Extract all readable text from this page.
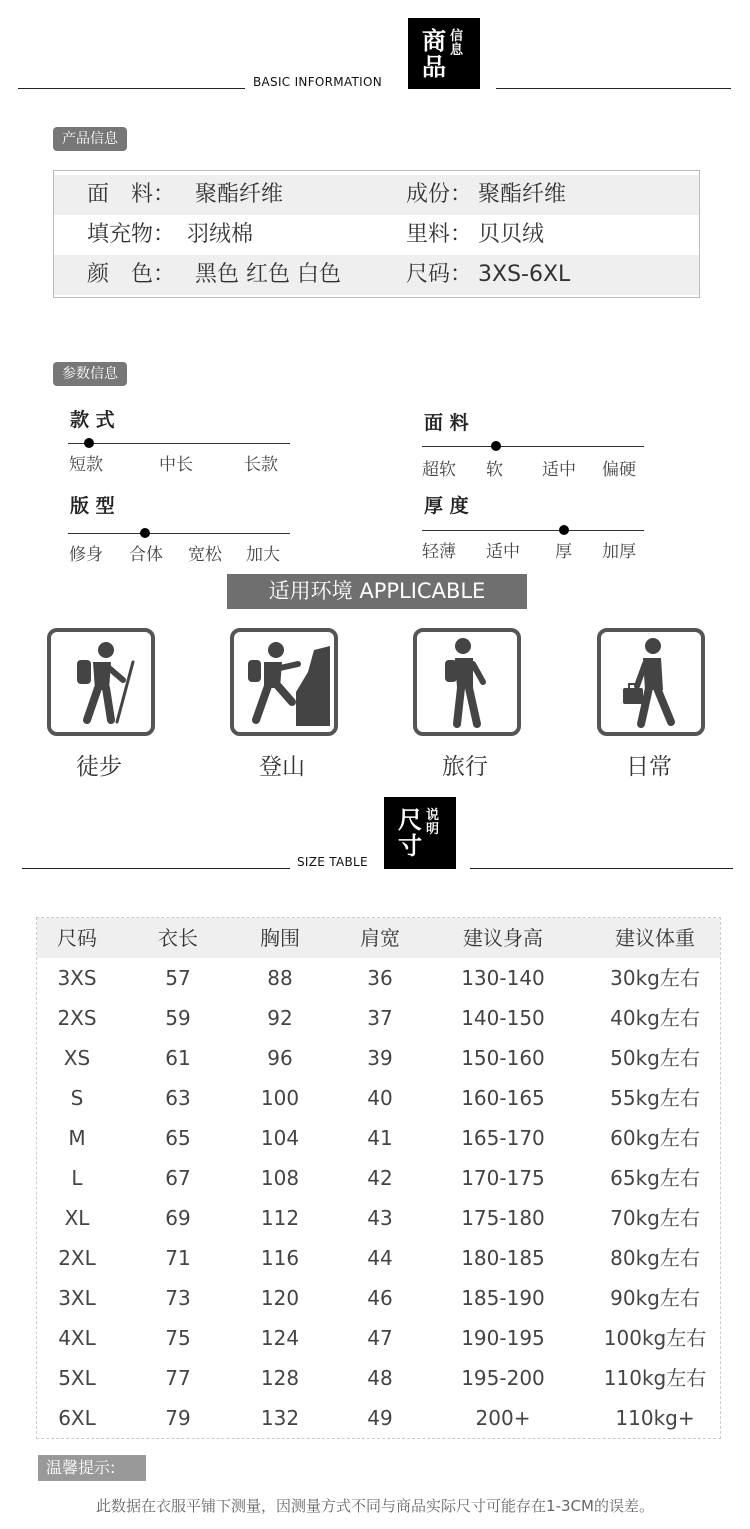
BASIC INFORMATION
商品
信息
产品信息
面　料： 聚酯纤维	成份： 聚酯纤维
填充物： 羽绒棉	里料： 贝贝绒
颜　色： 黑色 红色 白色	尺码： 3XS-6XL
参数信息
款 式
短款	中长	长款
面 料
超软 软 适中 偏硬
版 型
修身 合体 宽松 加大
厚 度
轻薄 适中 厚 加厚
适用环境 APPLICABLE
徒步	登山	旅行	日常
SIZE TABLE
尺寸
说明
尺码	衣长	胸围	肩宽	建议身高	建议体重
3XS	57	88	36	130-140	30kg左右
2XS	59	92	37	140-150	40kg左右
XS	61	96	39	150-160	50kg左右
S	63	100	40	160-165	55kg左右
M	65	104	41	165-170	60kg左右
L	67	108	42	170-175	65kg左右
XL	69	112	43	175-180	70kg左右
2XL	71	116	44	180-185	80kg左右
3XL	73	120	46	185-190	90kg左右
4XL	75	124	47	190-195	100kg左右
5XL	77	128	48	195-200	110kg左右
6XL	79	132	49	200+	110kg+
温馨提示:
此数据在衣服平铺下测量，因测量方式不同与商品实际尺寸可能存在1-3CM的误差。
